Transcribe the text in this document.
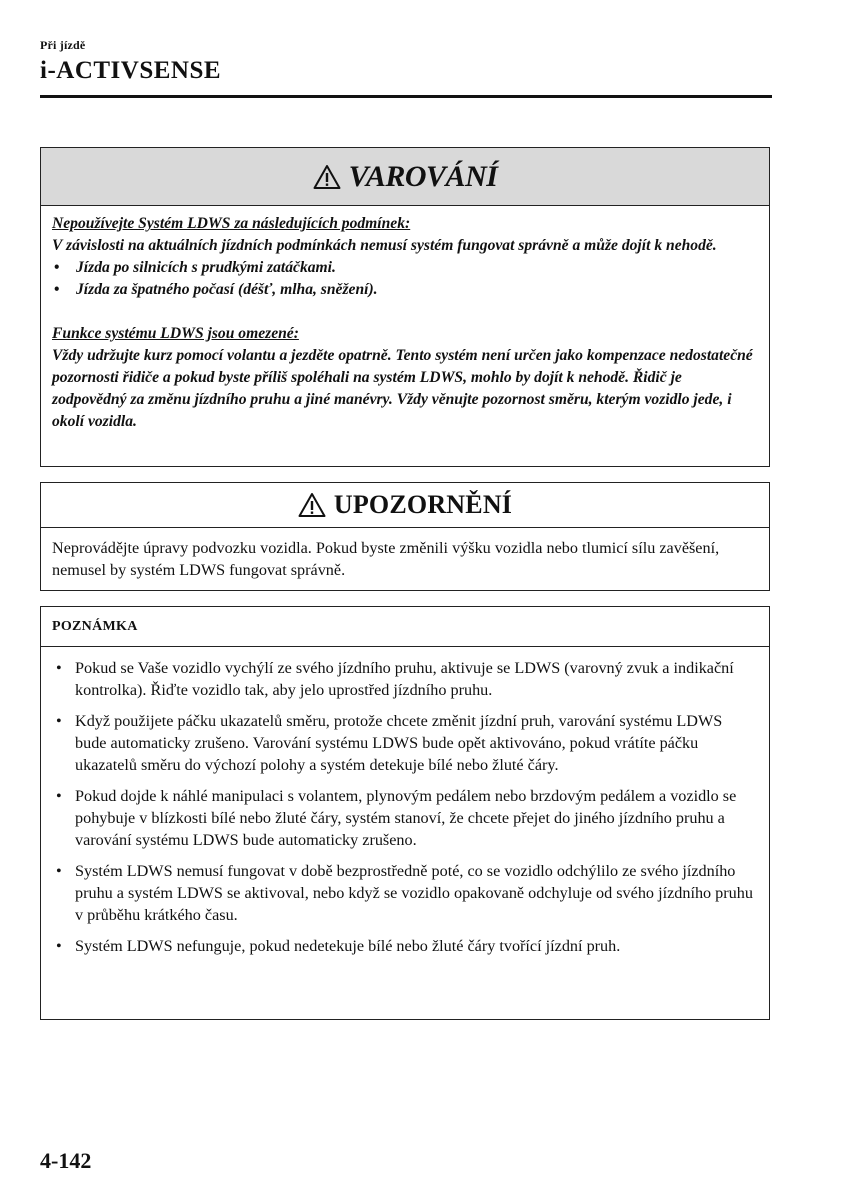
Při jízdě
i-ACTIVSENSE
VAROVÁNÍ

Nepoužívejte Systém LDWS za následujících podmínek:

V závislosti na aktuálních jízdních podmínkách nemusí systém fungovat správně a může dojít k nehodě.

• Jízda po silnicích s prudkými zatáčkami.
• Jízda za špatného počasí (déšť, mlha, sněžení).

Funkce systému LDWS jsou omezené:

Vždy udržujte kurz pomocí volantu a jezděte opatrně. Tento systém není určen jako kompenzace nedostatečné pozornosti řidiče a pokud byste příliš spoléhali na systém LDWS, mohlo by dojít k nehodě. Řidič je zodpovědný za změnu jízdního pruhu a jiné manévry. Vždy věnujte pozornost směru, kterým vozidlo jede, i okolí vozidla.

UPOZORNĚNÍ
Neprovádějte úpravy podvozku vozidla. Pokud byste změnili výšku vozidla nebo tlumicí sílu zavěšení, nemusel by systém LDWS fungovat správně.
POZNÁMKA
• Pokud se Vaše vozidlo vychýlí ze svého jízdního pruhu, aktivuje se LDWS (varovný zvuk a indikační kontrolka). Řiďte vozidlo tak, aby jelo uprostřed jízdního pruhu.
• Když použijete páčku ukazatelů směru, protože chcete změnit jízdní pruh, varování systému LDWS bude automaticky zrušeno. Varování systému LDWS bude opět aktivováno, pokud vrátíte páčku ukazatelů směru do výchozí polohy a systém detekuje bílé nebo žluté čáry.
• Pokud dojde k náhlé manipulaci s volantem, plynovým pedálem nebo brzdovým pedálem a vozidlo se pohybuje v blízkosti bílé nebo žluté čáry, systém stanoví, že chcete přejet do jiného jízdního pruhu a varování systému LDWS bude automaticky zrušeno.
• Systém LDWS nemusí fungovat v době bezprostředně poté, co se vozidlo odchýlilo ze svého jízdního pruhu a systém LDWS se aktivoval, nebo když se vozidlo opakovaně odchyluje od svého jízdního pruhu v průběhu krátkého času.
• Systém LDWS nefunguje, pokud nedetekuje bílé nebo žluté čáry tvořící jízdní pruh.
4-142
